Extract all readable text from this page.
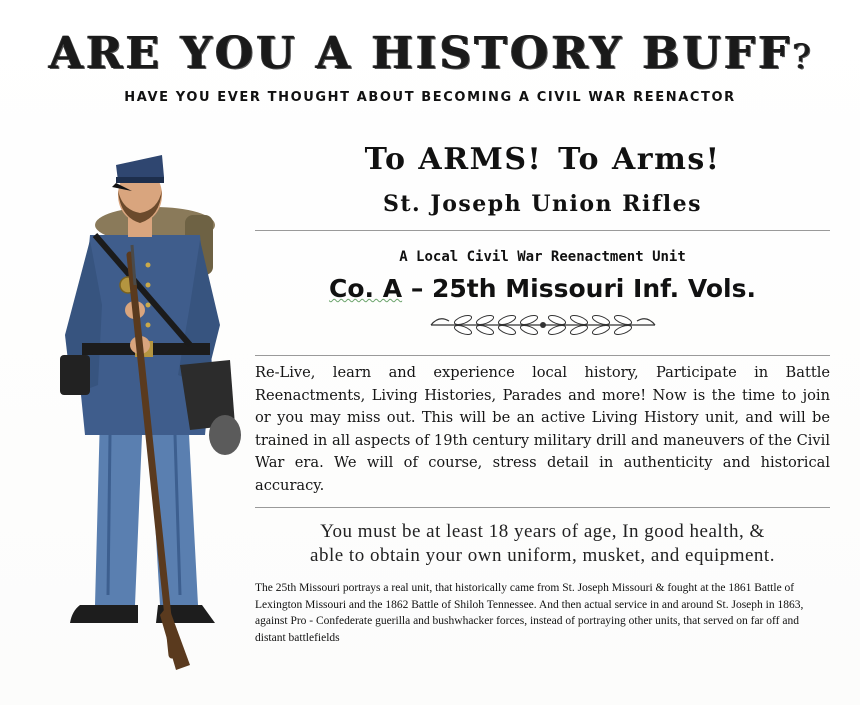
ARE YOU A HISTORY BUFF?
HAVE YOU EVER THOUGHT ABOUT BECOMING A CIVIL WAR REENACTOR
To ARMS! To Arms!
St. Joseph Union Rifles
A Local Civil War Reenactment Unit
Co. A – 25th Missouri Inf. Vols.
Re-Live, learn and experience local history, Participate in Battle Reenactments, Living Histories, Parades and more! Now is the time to join or you may miss out. This will be an active Living History unit, and will be trained in all aspects of 19th century military drill and maneuvers of the Civil War era. We will of course, stress detail in authenticity and historical accuracy.
You must be at least 18 years of age, In good health, &
able to obtain your own uniform, musket, and equipment.
The 25th Missouri portrays a real unit, that historically came from St. Joseph Missouri & fought at the 1861 Battle of Lexington Missouri and the 1862 Battle of Shiloh Tennessee. And then actual service in and around St. Joseph in 1863, against Pro - Confederate guerilla and bushwhacker forces, instead of portraying other units, that served on far off and distant battlefields
